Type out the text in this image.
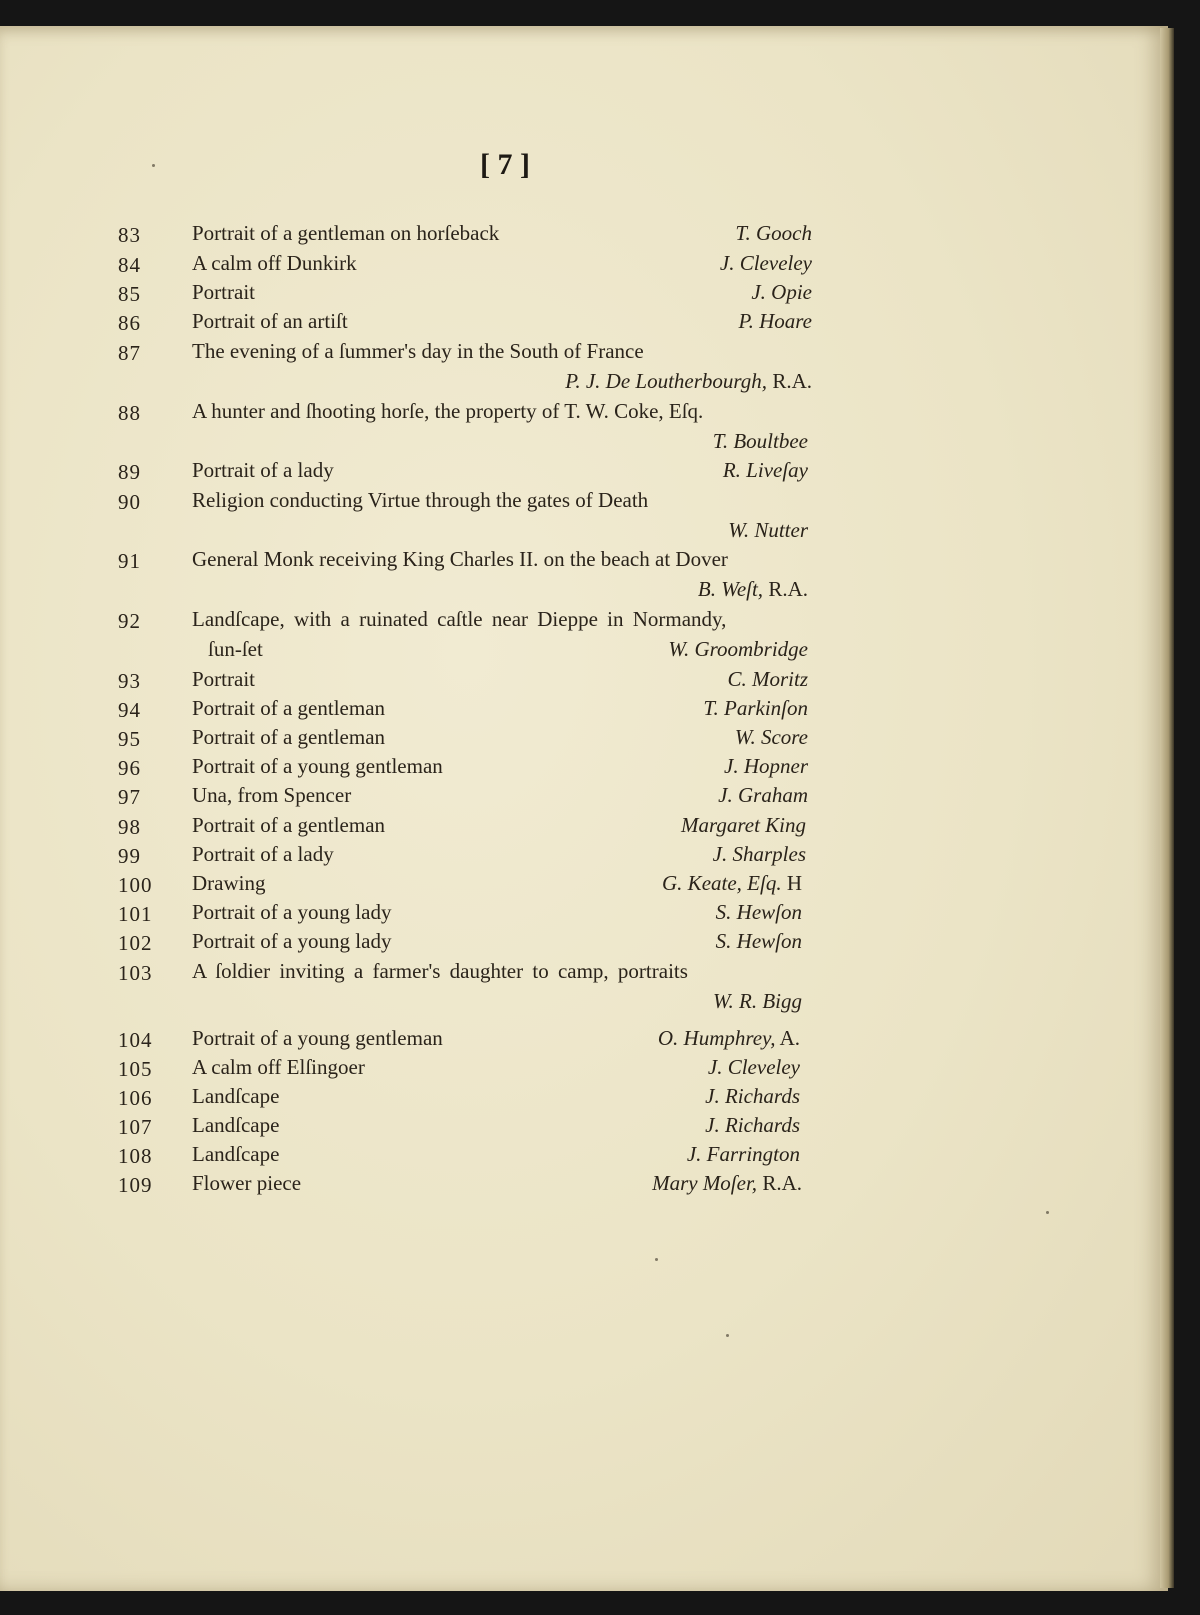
[ 7 ]
83	Portrait of a gentleman on horſeback	T. Gooch
84	A calm off Dunkirk	J. Cleveley
85	Portrait	J. Opie
86	Portrait of an artiſt	P. Hoare
87	The evening of a ſummer's day in the South of France
P. J. De Loutherbourgh, R.A.
88	A hunter and ſhooting horſe, the property of T. W. Coke, Eſq.
T. Boultbee
89	Portrait of a lady	R. Liveſay
90	Religion conducting Virtue through the gates of Death
W. Nutter
91	General Monk receiving King Charles II. on the beach at Dover
B. Weſt, R.A.
92	Landſcape, with a ruinated caſtle near Dieppe in Normandy,
ſun-ſet	W. Groombridge
93	Portrait	C. Moritz
94	Portrait of a gentleman	T. Parkinſon
95	Portrait of a gentleman	W. Score
96	Portrait of a young gentleman	J. Hopner
97	Una, from Spencer	J. Graham
98	Portrait of a gentleman	Margaret King
99	Portrait of a lady	J. Sharples
100	Drawing	G. Keate, Eſq. H
101	Portrait of a young lady	S. Hewſon
102	Portrait of a young lady	S. Hewſon
103	A ſoldier inviting a farmer's daughter to camp, portraits
W. R. Bigg
104	Portrait of a young gentleman	O. Humphrey, A.
105	A calm off Elſingoer	J. Cleveley
106	Landſcape	J. Richards
107	Landſcape	J. Richards
108	Landſcape	J. Farrington
109	Flower piece	Mary Moſer, R.A.
